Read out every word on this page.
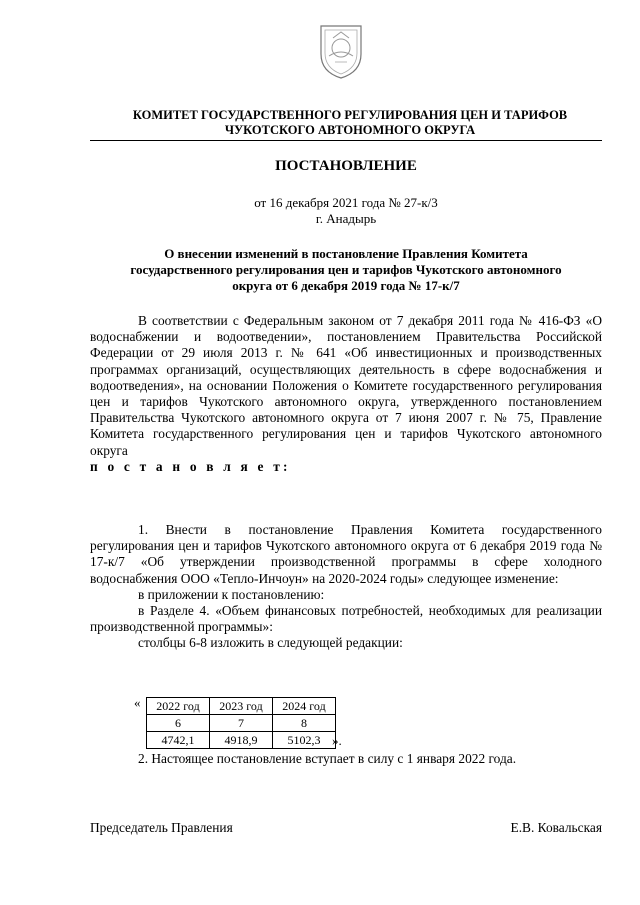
КОМИТЕТ ГОСУДАРСТВЕННОГО РЕГУЛИРОВАНИЯ ЦЕН И ТАРИФОВ
ЧУКОТСКОГО АВТОНОМНОГО ОКРУГА
ПОСТАНОВЛЕНИЕ
от 16 декабря 2021 года № 27-к/3
г. Анадырь
О внесении изменений в постановление Правления Комитета
государственного регулирования цен и тарифов Чукотского автономного
округа от 6 декабря 2019 года № 17-к/7

В соответствии с Федеральным законом от 7 декабря 2011 года № 416-ФЗ «О водоснабжении и водоотведении», постановлением Правительства Российской Федерации от 29 июля 2013 г. № 641 «Об инвестиционных и производственных программах организаций, осуществляющих деятельность в сфере водоснабжения и водоотведения», на основании Положения о Комитете государственного регулирования цен и тарифов Чукотского автономного округа, утвержденного постановлением Правительства Чукотского автономного округа от 7 июня 2007 г. № 75, Правление Комитета государственного регулирования цен и тарифов Чукотского автономного округа

п о с т а н о в л я е т:

1. Внести в постановление Правления Комитета государственного регулирования цен и тарифов Чукотского автономного округа от 6 декабря 2019 года № 17-к/7 «Об утверждении производственной программы в сфере холодного водоснабжения ООО «Тепло-Инчоун» на 2020-2024 годы» следующее изменение:

в приложении к постановлению:

в Разделе 4. «Объем финансовых потребностей, необходимых для реализации производственной программы»:

столбцы 6-8 изложить в следующей редакции:

« 2022 год	2023 год	2024 год
6	7	8
4742,1	4918,9	5102,3 ».

2. Настоящее постановление вступает в силу с 1 января 2022 года.

Председатель Правления	Е.В. Ковальская
